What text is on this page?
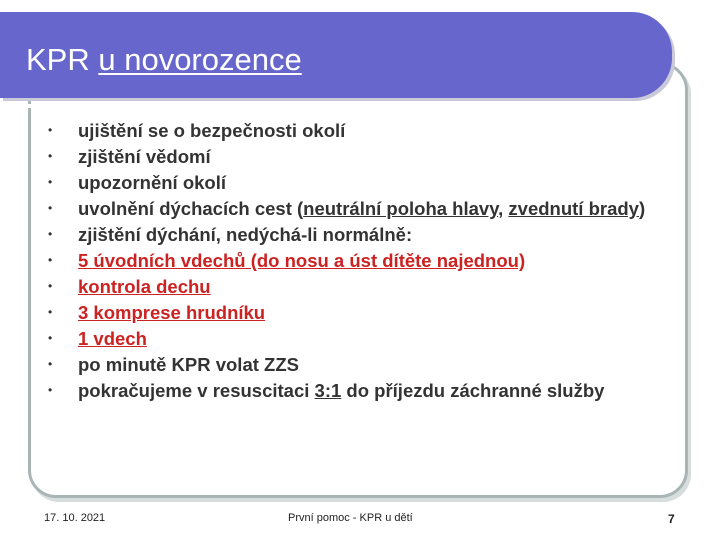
KPR u novorozence
• ujištění se o bezpečnosti okolí
• zjištění vědomí
• upozornění okolí
• uvolnění dýchacích cest (neutrální poloha hlavy, zvednutí brady)
• zjištění dýchání, nedýchá-li normálně:
• 5 úvodních vdechů (do nosu a úst dítěte najednou)
• kontrola dechu
• 3 komprese hrudníku
• 1 vdech
• po minutě KPR volat ZZS
• pokračujeme v resuscitaci 3:1 do příjezdu záchranné služby
17. 10. 2021	První pomoc - KPR u dětí	7
